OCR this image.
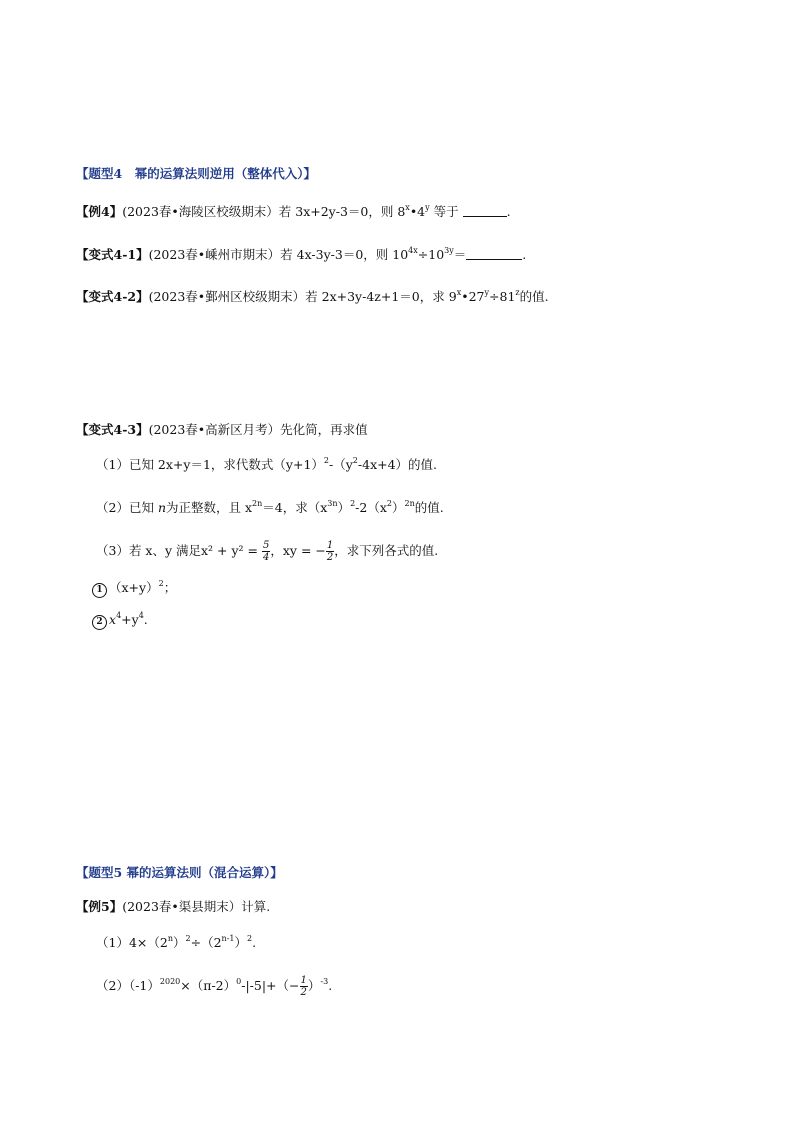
【题型4　幂的运算法则逆用（整体代入）】
【例4】(2023春•海陵区校级期末）若 3x+2y-3＝0，则 8$^x$•4$^y$ 等于	.
【变式4-1】(2023春•嵊州市期末）若 4x-3y-3＝0，则 $10^{4x}\div 10^{3y}=$	.
【变式4-2】(2023春•鄞州区校级期末）若 2x+3y-4z+1＝0，求 $9^x•27^y\div 81^z$的值.
【变式4-3】(2023春•高新区月考）先化简，再求值
（1）已知 2x+y＝1，求代数式$(y+1)^2-(y^2-4x+4)$的值.
（2）已知 n为正整数，且 $x^{2n}=4$，求$(x^{3n})^2-2(x^2)^{2n}$的值.
（3）若 x、y 满足$x^2 + y^2 = \frac{5}{4}$ ，xy = − $\frac{1}{2}$ ，求下列各式的值.
1 $(x+y)^2$；
2 $x^4+y^4$.
【题型5 幂的运算法则（混合运算）】
【例5】(2023春•渠县期末）计算.
$(1)4\times(2^n)^2\div(2^{n-1})^2$.
$(2)(-1)^{2020}\times(\pi-2)^0-|-5|+(- \frac{1}{2} )^{-3}$.
